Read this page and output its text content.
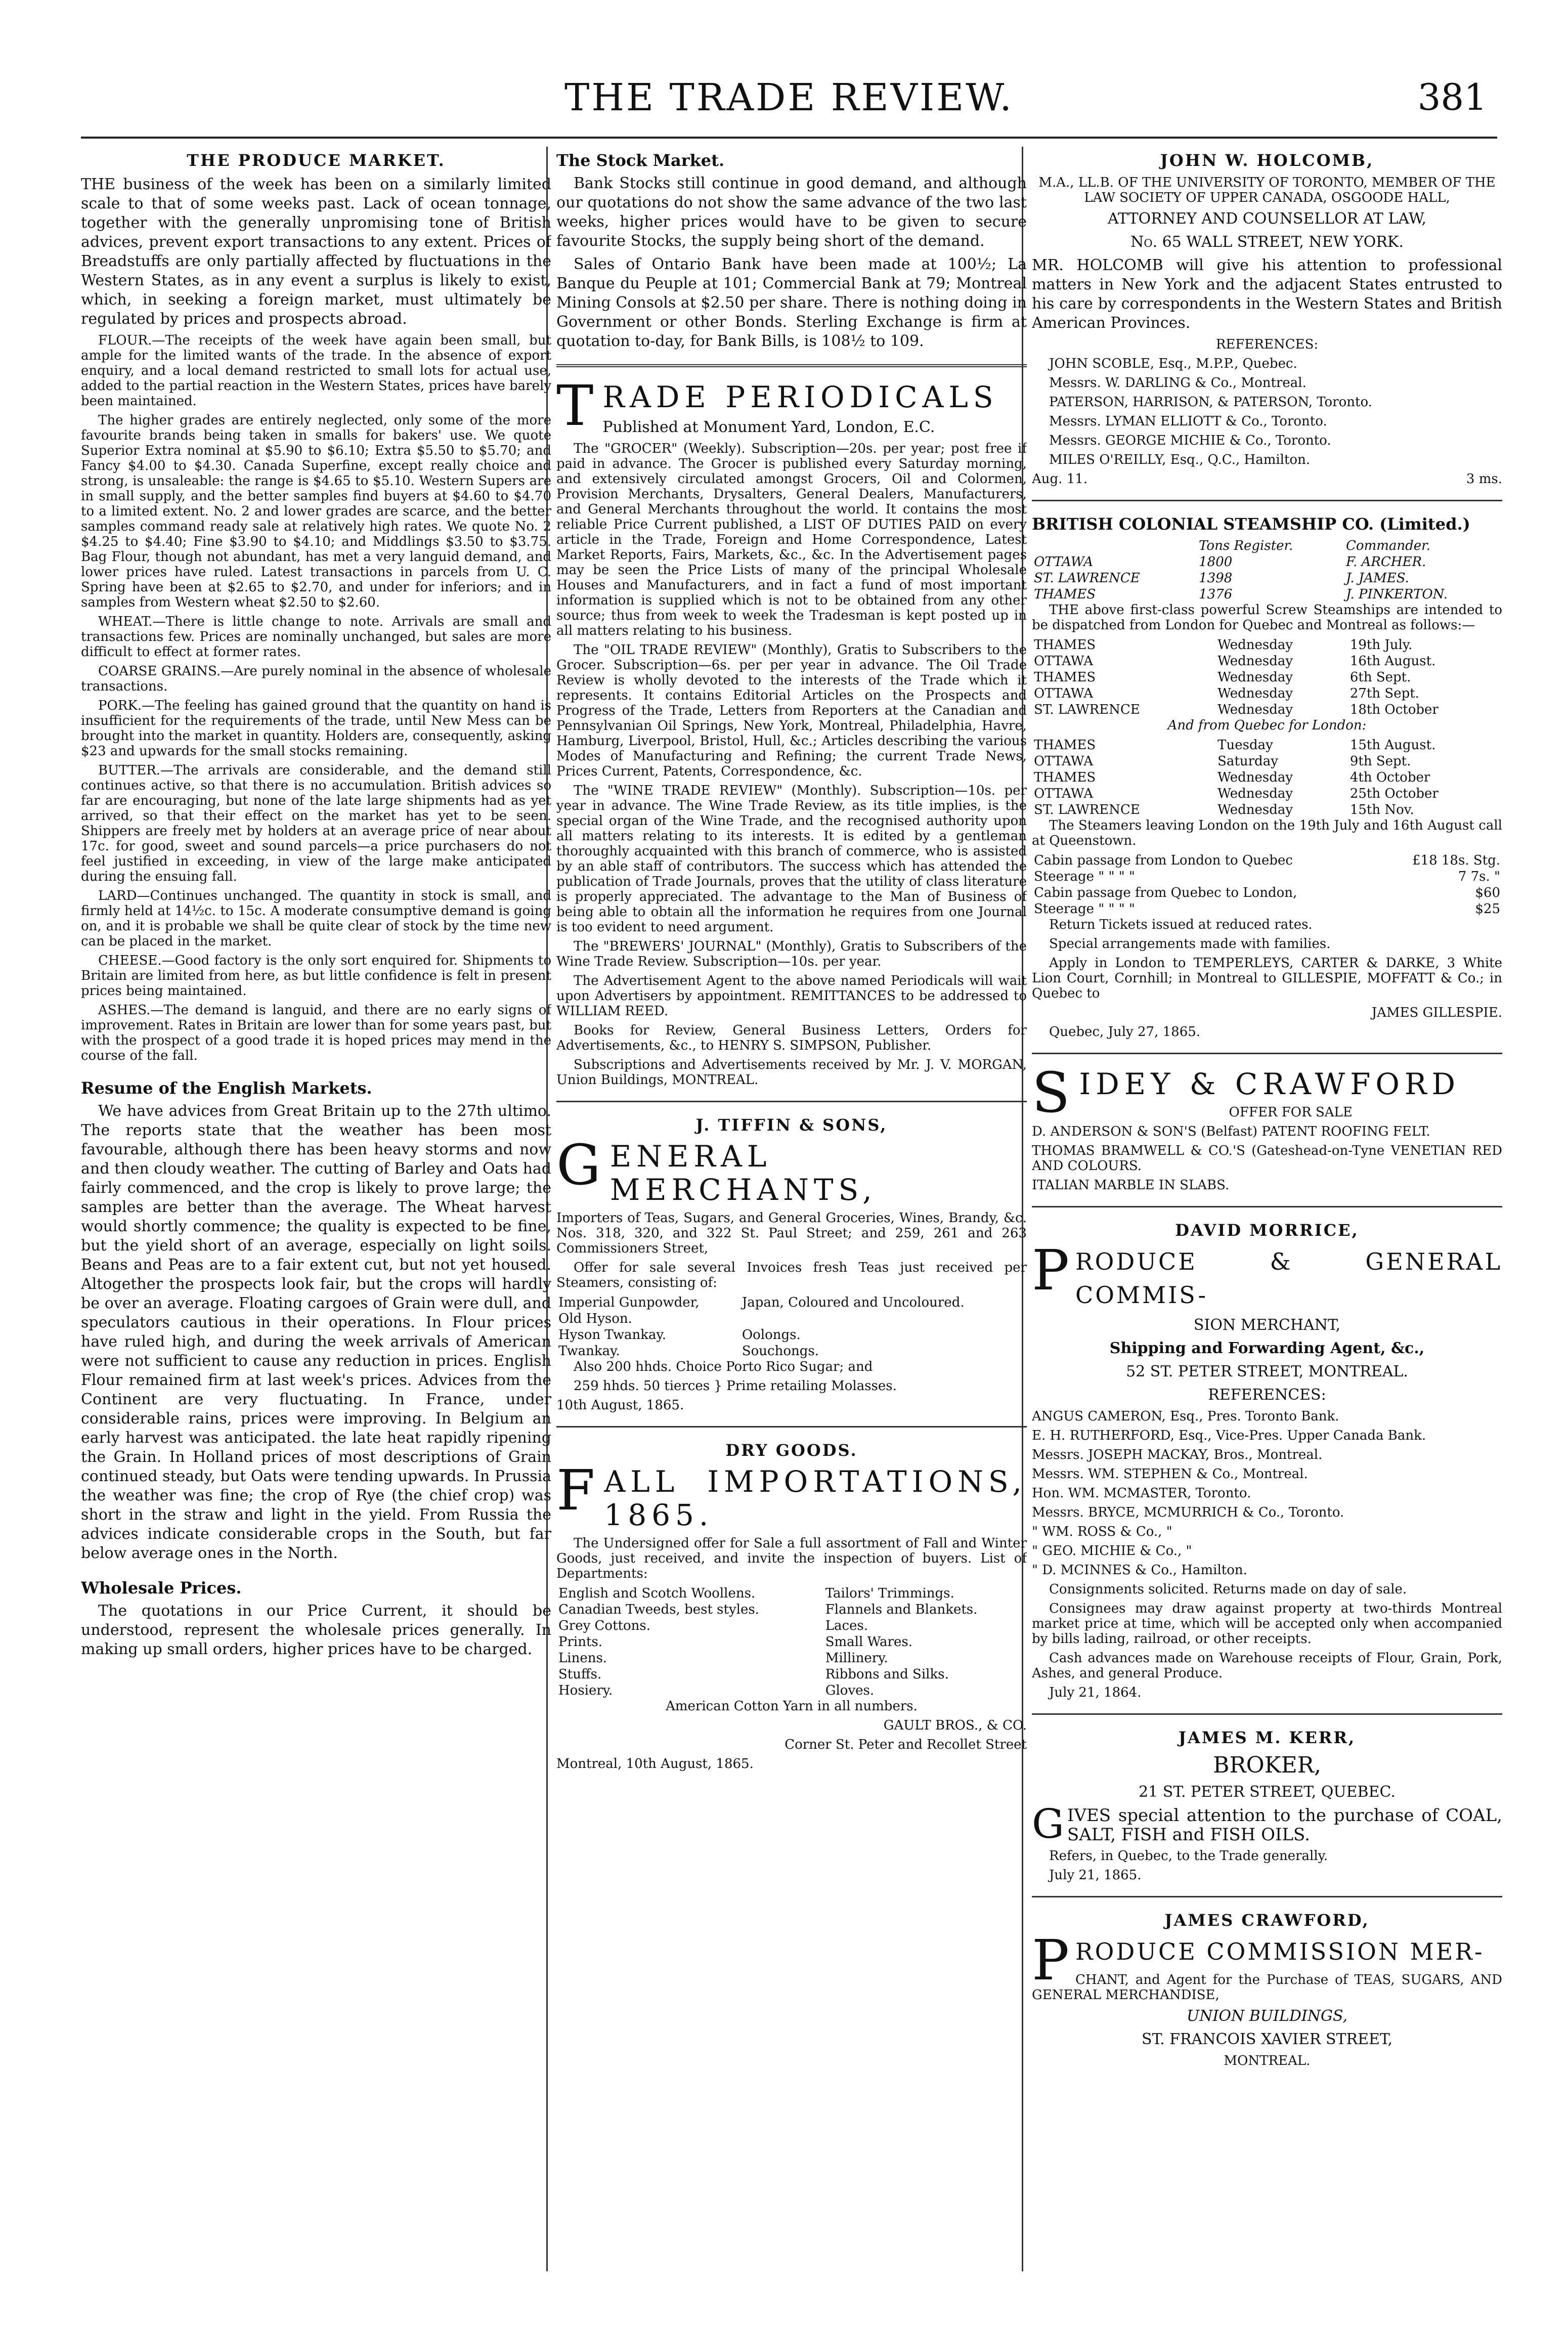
THE TRADE REVIEW.	381
THE PRODUCE MARKET.

THE business of the week has been on a similarly limited scale to that of some weeks past. Lack of ocean tonnage, together with the generally unpromising tone of British advices, prevent export transactions to any extent. Prices of Breadstuffs are only partially affected by fluctuations in the Western States, as in any event a surplus is likely to exist, which, in seeking a foreign market, must ultimately be regulated by prices and prospects abroad.

FLOUR.—The receipts of the week have again been small, but ample for the limited wants of the trade. In the absence of export enquiry, and a local demand restricted to small lots for actual use, added to the partial reaction in the Western States, prices have barely been maintained.

The higher grades are entirely neglected, only some of the more favourite brands being taken in smalls for bakers' use. We quote Superior Extra nominal at $5.90 to $6.10; Extra $5.50 to $5.70; and Fancy $4.00 to $4.30. Canada Superfine, except really choice and strong, is unsaleable: the range is $4.65 to $5.10. Western Supers are in small supply, and the better samples find buyers at $4.60 to $4.70 to a limited extent. No. 2 and lower grades are scarce, and the better samples command ready sale at relatively high rates. We quote No. 2 $4.25 to $4.40; Fine $3.90 to $4.10; and Middlings $3.50 to $3.75. Bag Flour, though not abundant, has met a very languid demand, and lower prices have ruled. Latest transactions in parcels from U. C. Spring have been at $2.65 to $2.70, and under for inferiors; and in samples from Western wheat $2.50 to $2.60.

WHEAT.—There is little change to note. Arrivals are small and transactions few. Prices are nominally unchanged, but sales are more difficult to effect at former rates.

COARSE GRAINS.—Are purely nominal in the absence of wholesale transactions.

PORK.—The feeling has gained ground that the quantity on hand is insufficient for the requirements of the trade, until New Mess can be brought into the market in quantity. Holders are, consequently, asking $23 and upwards for the small stocks remaining.

BUTTER.—The arrivals are considerable, and the demand still continues active, so that there is no accumulation. British advices so far are encouraging, but none of the late large shipments had as yet arrived, so that their effect on the market has yet to be seen. Shippers are freely met by holders at an average price of near about 17c. for good, sweet and sound parcels—a price purchasers do not feel justified in exceeding, in view of the large make anticipated during the ensuing fall.

LARD—Continues unchanged. The quantity in stock is small, and firmly held at 14½c. to 15c. A moderate consumptive demand is going on, and it is probable we shall be quite clear of stock by the time new can be placed in the market.

CHEESE.—Good factory is the only sort enquired for. Shipments to Britain are limited from here, as but little confidence is felt in present prices being maintained.

ASHES.—The demand is languid, and there are no early signs of improvement. Rates in Britain are lower than for some years past, but with the prospect of a good trade it is hoped prices may mend in the course of the fall.

Resume of the English Markets.

We have advices from Great Britain up to the 27th ultimo. The reports state that the weather has been most favourable, although there has been heavy storms and now and then cloudy weather. The cutting of Barley and Oats had fairly commenced, and the crop is likely to prove large; the samples are better than the average. The Wheat harvest would shortly commence; the quality is expected to be fine, but the yield short of an average, especially on light soils. Beans and Peas are to a fair extent cut, but not yet housed. Altogether the prospects look fair, but the crops will hardly be over an average. Floating cargoes of Grain were dull, and speculators cautious in their operations. In Flour prices have ruled high, and during the week arrivals of American were not sufficient to cause any reduction in prices. English Flour remained firm at last week's prices. Advices from the Continent are very fluctuating. In France, under considerable rains, prices were improving. In Belgium an early harvest was anticipated. the late heat rapidly ripening the Grain. In Holland prices of most descriptions of Grain continued steady, but Oats were tending upwards. In Prussia the weather was fine; the crop of Rye (the chief crop) was short in the straw and light in the yield. From Russia the advices indicate considerable crops in the South, but far below average ones in the North.

Wholesale Prices.

The quotations in our Price Current, it should be understood, represent the wholesale prices generally. In making up small orders, higher prices have to be charged.

The Stock Market.

Bank Stocks still continue in good demand, and although our quotations do not show the same advance of the two last weeks, higher prices would have to be given to secure favourite Stocks, the supply being short of the demand.

Sales of Ontario Bank have been made at 100½; La Banque du Peuple at 101; Commercial Bank at 79; Montreal Mining Consols at $2.50 per share. There is nothing doing in Government or other Bonds. Sterling Exchange is firm at quotation to-day, for Bank Bills, is 108½ to 109.

TRADE PERIODICALS

Published at Monument Yard, London, E.C.

The "GROCER" (Weekly). Subscription—20s. per year; post free if paid in advance. The Grocer is published every Saturday morning, and extensively circulated amongst Grocers, Oil and Colormen, Provision Merchants, Drysalters, General Dealers, Manufacturers, and General Merchants throughout the world. It contains the most reliable Price Current published, a LIST OF DUTIES PAID on every article in the Trade, Foreign and Home Correspondence, Latest Market Reports, Fairs, Markets, &c., &c. In the Advertisement pages may be seen the Price Lists of many of the principal Wholesale Houses and Manufacturers, and in fact a fund of most important information is supplied which is not to be obtained from any other source; thus from week to week the Tradesman is kept posted up in all matters relating to his business.

The "OIL TRADE REVIEW" (Monthly), Gratis to Subscribers to the Grocer. Subscription—6s. per per year in advance. The Oil Trade Review is wholly devoted to the interests of the Trade which it represents. It contains Editorial Articles on the Prospects and Progress of the Trade, Letters from Reporters at the Canadian and Pennsylvanian Oil Springs, New York, Montreal, Philadelphia, Havre, Hamburg, Liverpool, Bristol, Hull, &c.; Articles describing the various Modes of Manufacturing and Refining; the current Trade News, Prices Current, Patents, Correspondence, &c.

The "WINE TRADE REVIEW" (Monthly). Subscription—10s. per year in advance. The Wine Trade Review, as its title implies, is the special organ of the Wine Trade, and the recognised authority upon all matters relating to its interests. It is edited by a gentleman thoroughly acquainted with this branch of commerce, who is assisted by an able staff of contributors. The success which has attended the publication of Trade Journals, proves that the utility of class literature is properly appreciated. The advantage to the Man of Business of being able to obtain all the information he requires from one Journal is too evident to need argument.

The "BREWERS' JOURNAL" (Monthly), Gratis to Subscribers of the Wine Trade Review. Subscription—10s. per year.

The Advertisement Agent to the above named Periodicals will wait upon Advertisers by appointment. REMITTANCES to be addressed to WILLIAM REED.

Books for Review, General Business Letters, Orders for Advertisements, &c., to HENRY S. SIMPSON, Publisher.

Subscriptions and Advertisements received by Mr. J. V. MORGAN, Union Buildings, MONTREAL.

J. TIFFIN & SONS,
GENERAL MERCHANTS,

Importers of Teas, Sugars, and General Groceries, Wines, Brandy, &c. Nos. 318, 320, and 322 St. Paul Street; and 259, 261 and 263 Commissioners Street,

Offer for sale several Invoices fresh Teas just received per Steamers, consisting of:

Imperial Gunpowder,	Japan, Coloured and Uncoloured.
Old Hyson.	
Hyson Twankay.	Oolongs.
Twankay.	Souchongs.

Also 200 hhds. Choice Porto Rico Sugar; and

259 hhds. 50 tierces } Prime retailing Molasses.

10th August, 1865.

DRY GOODS.
FALL IMPORTATIONS, 1865.

The Undersigned offer for Sale a full assortment of Fall and Winter Goods, just received, and invite the inspection of buyers. List of Departments:

English and Scotch Woollens.	Tailors' Trimmings.
Canadian Tweeds, best styles.	Flannels and Blankets.
Grey Cottons.	Laces.
Prints.	Small Wares.
Linens.	Millinery.
Stuffs.	Ribbons and Silks.
Hosiery.	Gloves.

American Cotton Yarn in all numbers.

GAULT BROS., & CO.

Corner St. Peter and Recollet Street

Montreal, 10th August, 1865.

JOHN W. HOLCOMB,

M.A., LL.B. OF THE UNIVERSITY OF TORONTO, MEMBER OF THE LAW SOCIETY OF UPPER CANADA, OSGOODE HALL,

ATTORNEY AND COUNSELLOR AT LAW,

No. 65 WALL STREET, NEW YORK.

MR. HOLCOMB will give his attention to professional matters in New York and the adjacent States entrusted to his care by correspondents in the Western States and British American Provinces.

REFERENCES:

JOHN SCOBLE, Esq., M.P.P., Quebec.

Messrs. W. DARLING & Co., Montreal.

PATERSON, HARRISON, & PATERSON, Toronto.

Messrs. LYMAN ELLIOTT & Co., Toronto.

Messrs. GEORGE MICHIE & Co., Toronto.

MILES O'REILLY, Esq., Q.C., Hamilton.

Aug. 11.	3 ms.

BRITISH COLONIAL STEAMSHIP CO. (Limited.)
	Tons Register.	Commander.
OTTAWA	1800	F. ARCHER.
ST. LAWRENCE	1398	J. JAMES.
THAMES	1376	J. PINKERTON.

THE above first-class powerful Screw Steamships are intended to be dispatched from London for Quebec and Montreal as follows:—

THAMES	Wednesday	19th July.
OTTAWA	Wednesday	16th August.
THAMES	Wednesday	6th Sept.
OTTAWA	Wednesday	27th Sept.
ST. LAWRENCE	Wednesday	18th October

And from Quebec for London:

THAMES	Tuesday	15th August.
OTTAWA	Saturday	9th Sept.
THAMES	Wednesday	4th October
OTTAWA	Wednesday	25th October
ST. LAWRENCE	Wednesday	15th Nov.

The Steamers leaving London on the 19th July and 16th August call at Queenstown.

Cabin passage from London to Quebec	£18 18s. Stg.
Steerage " " " "	7 7s. "
Cabin passage from Quebec to London,	$60
Steerage " " " "	$25

Return Tickets issued at reduced rates.

Special arrangements made with families.

Apply in London to TEMPERLEYS, CARTER & DARKE, 3 White Lion Court, Cornhill; in Montreal to GILLESPIE, MOFFATT & Co.; in Quebec to

JAMES GILLESPIE.

Quebec, July 27, 1865.

SIDEY & CRAWFORD

OFFER FOR SALE

D. ANDERSON & SON'S (Belfast) PATENT ROOFING FELT.

THOMAS BRAMWELL & CO.'S (Gateshead-on-Tyne VENETIAN RED AND COLOURS.

ITALIAN MARBLE IN SLABS.

DAVID MORRICE,
PRODUCE & GENERAL COMMIS-

SION MERCHANT,

Shipping and Forwarding Agent, &c.,

52 ST. PETER STREET, MONTREAL.

REFERENCES:

ANGUS CAMERON, Esq., Pres. Toronto Bank.

E. H. RUTHERFORD, Esq., Vice-Pres. Upper Canada Bank.

Messrs. JOSEPH MACKAY, Bros., Montreal.

Messrs. WM. STEPHEN & Co., Montreal.

Hon. WM. MCMASTER, Toronto.

Messrs. BRYCE, MCMURRICH & Co., Toronto.

" WM. ROSS & Co., "

" GEO. MICHIE & Co., "

" D. MCINNES & Co., Hamilton.

Consignments solicited. Returns made on day of sale.

Consignees may draw against property at two-thirds Montreal market price at time, which will be accepted only when accompanied by bills lading, railroad, or other receipts.

Cash advances made on Warehouse receipts of Flour, Grain, Pork, Ashes, and general Produce.

July 21, 1864.

JAMES M. KERR,

BROKER,

21 ST. PETER STREET, QUEBEC.

GIVES special attention to the purchase of COAL, SALT, FISH and FISH OILS.

Refers, in Quebec, to the Trade generally.

July 21, 1865.

JAMES CRAWFORD,
PRODUCE COMMISSION MER-

CHANT, and Agent for the Purchase of TEAS, SUGARS, AND GENERAL MERCHANDISE,

UNION BUILDINGS,

ST. FRANCOIS XAVIER STREET,

MONTREAL.
